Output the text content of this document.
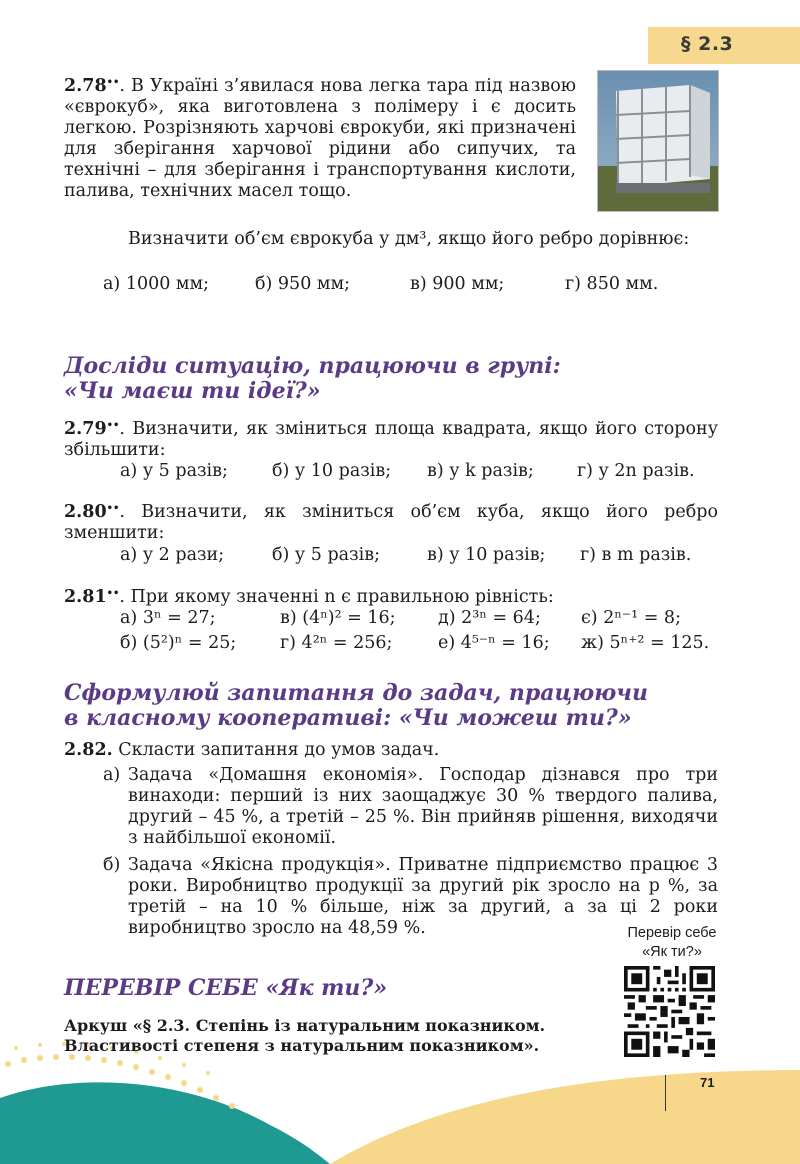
§ 2.3
2.78••. В Україні з’явилася нова легка тара під назвою «єврокуб», яка виготовлена з полімеру і є досить легкою. Розрізняють харчові єврокуби, які призначені для зберігання харчової рідини або сипучих, та технічні – для зберігання і транспортування кислоти, палива, технічних масел тощо.
Визначити об’єм єврокуба у дм³, якщо його ребро дорівнює:
а) 1000 мм;	б) 950 мм;	в) 900 мм;	г) 850 мм.
Досліди ситуацію, працюючи в групі:
«Чи маєш ти ідеї?»
2.79••. Визначити, як зміниться площа квадрата, якщо його сторону збільшити:
а) у 5 разів;	б) у 10 разів;	в) у k разів;	г) у 2n разів.
2.80••. Визначити, як зміниться об’єм куба, якщо його ребро зменшити:
а) у 2 рази;	б) у 5 разів;	в) у 10 разів;	г) в m разів.
2.81••. При якому значенні n є правильною рівність:
а) 3ⁿ = 27;	в) (4ⁿ)² = 16;	д) 2³ⁿ = 64;	є) 2ⁿ⁻¹ = 8;
б) (5²)ⁿ = 25;	г) 4²ⁿ = 256;	е) 4⁵⁻ⁿ = 16;	ж) 5ⁿ⁺² = 125.
Сформулюй запитання до задач, працюючи
в класному кооперативі: «Чи можеш ти?»
2.82. Скласти запитання до умов задач.
а) Задача «Домашня економія». Господар дізнався про три винаходи: перший із них заощаджує 30 % твердого палива, другий – 45 %, а третій – 25 %. Він прийняв рішення, виходячи з найбільшої економії.
б) Задача «Якісна продукція». Приватне підприємство працює 3 роки. Виробництво продукції за другий рік зросло на p %, за третій – на 10 % більше, ніж за другий, а за ці 2 роки виробництво зросло на 48,59 %.	Перевір себе
«Як ти?»
ПЕРЕВІР СЕБЕ «Як ти?»
Аркуш «§ 2.3. Степінь із натуральним показником.
Властивості степеня з натуральним показником».
71
